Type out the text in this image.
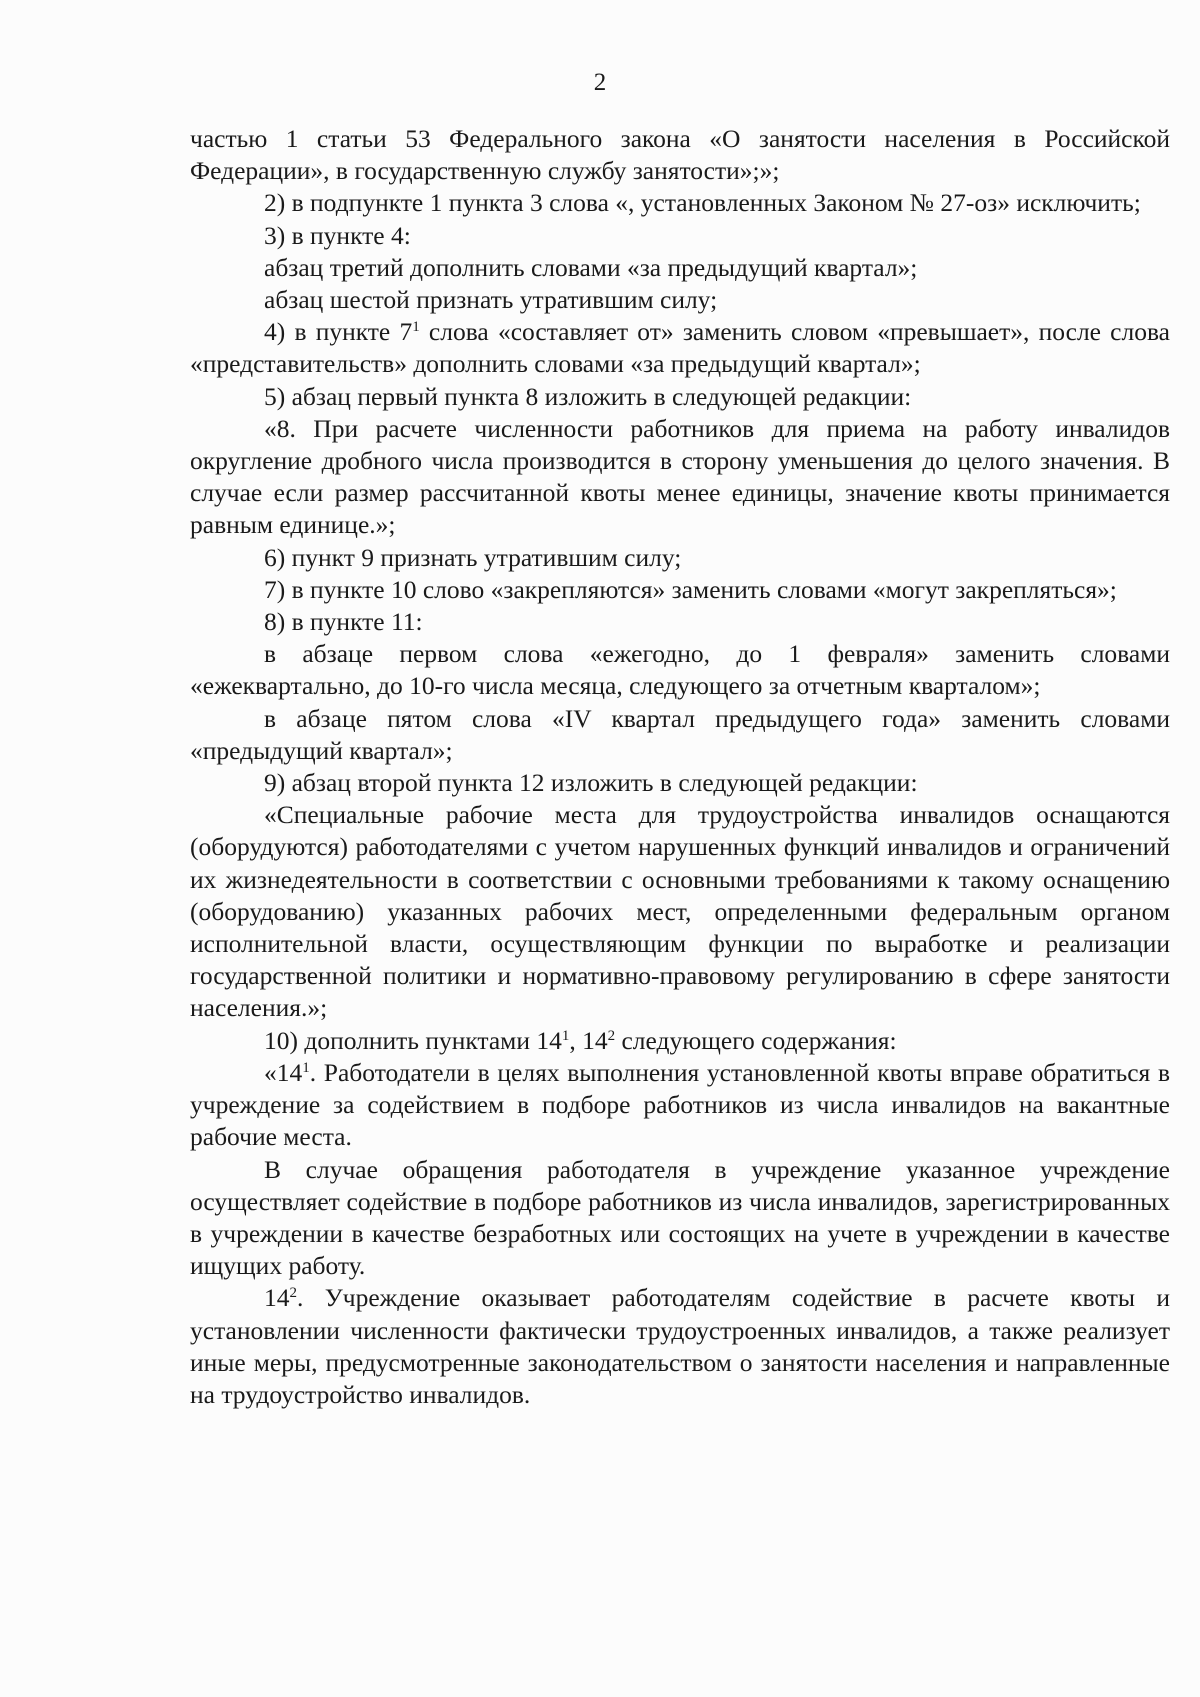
2

частью 1 статьи 53 Федерального закона «О занятости населения в Российской Федерации», в государственную службу занятости»;»;

2) в подпункте 1 пункта 3 слова «, установленных Законом № 27-оз» исключить;

3) в пункте 4:

абзац третий дополнить словами «за предыдущий квартал»;

абзац шестой признать утратившим силу;

4) в пункте $7^1$ слова «составляет от» заменить словом «превышает», после слова «представительств» дополнить словами «за предыдущий квартал»;

5) абзац первый пункта 8 изложить в следующей редакции:

«8. При расчете численности работников для приема на работу инвалидов округление дробного числа производится в сторону уменьшения до целого значения. В случае если размер рассчитанной квоты менее единицы, значение квоты принимается равным единице.»;

6) пункт 9 признать утратившим силу;

7) в пункте 10 слово «закрепляются» заменить словами «могут закрепляться»;

8) в пункте 11:

в абзаце первом слова «ежегодно, до 1 февраля» заменить словами «ежеквартально, до 10-го числа месяца, следующего за отчетным кварталом»;

в абзаце пятом слова «IV квартал предыдущего года» заменить словами «предыдущий квартал»;

9) абзац второй пункта 12 изложить в следующей редакции:

«Специальные рабочие места для трудоустройства инвалидов оснащаются (оборудуются) работодателями с учетом нарушенных функций инвалидов и ограничений их жизнедеятельности в соответствии с основными требованиями к такому оснащению (оборудованию) указанных рабочих мест, определенными федеральным органом исполнительной власти, осуществляющим функции по выработке и реализации государственной политики и нормативно-правовому регулированию в сфере занятости населения.»;

10) дополнить пунктами $14^1$, $14^2$ следующего содержания:

«$14^1$. Работодатели в целях выполнения установленной квоты вправе обратиться в учреждение за содействием в подборе работников из числа инвалидов на вакантные рабочие места.

В случае обращения работодателя в учреждение указанное учреждение осуществляет содействие в подборе работников из числа инвалидов, зарегистрированных в учреждении в качестве безработных или состоящих на учете в учреждении в качестве ищущих работу.

$14^2$. Учреждение оказывает работодателям содействие в расчете квоты и установлении численности фактически трудоустроенных инвалидов, а также реализует иные меры, предусмотренные законодательством о занятости населения и направленные на трудоустройство инвалидов.
